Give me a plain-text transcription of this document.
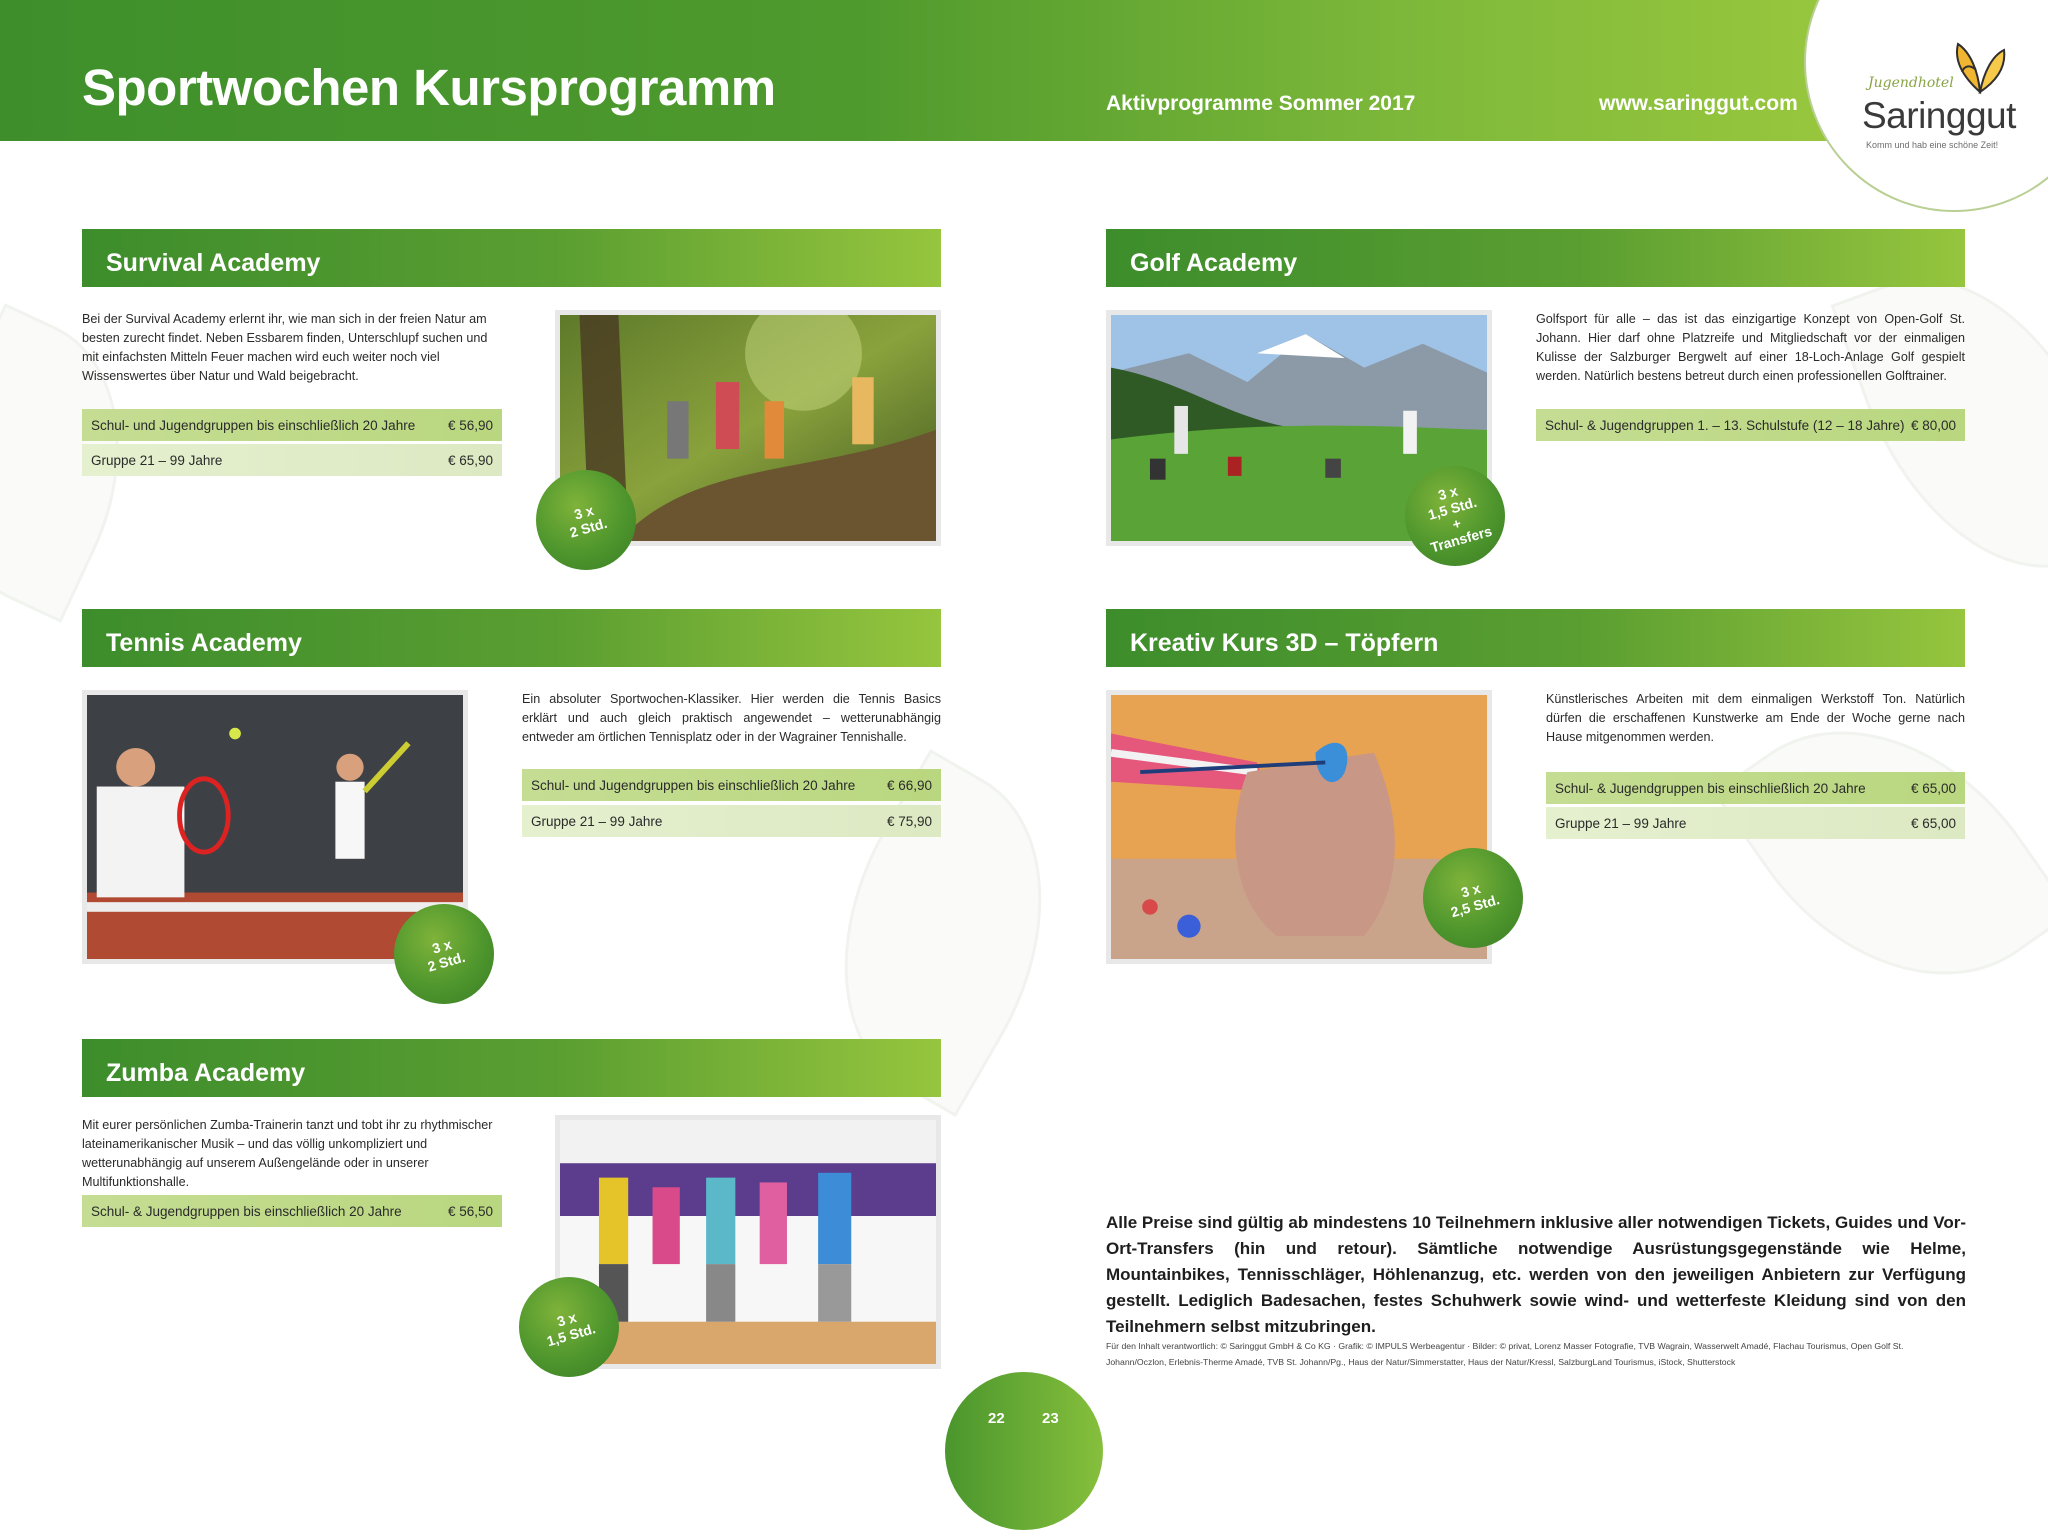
Sportwochen Kursprogramm	Aktivprogramme Sommer 2017	www.saringgut.com
Jugendhotel
Saringgut
Komm und hab eine schöne Zeit!
Survival Academy
Bei der Survival Academy erlernt ihr, wie man sich in der freien Natur am besten zurecht findet. Neben Essbarem finden, Unterschlupf suchen und mit einfachsten Mitteln Feuer machen wird euch weiter noch viel Wissenswertes über Natur und Wald beigebracht.
Schul- und Jugendgruppen bis einschließlich 20 Jahre € 56,90
Gruppe 21 – 99 Jahre	€ 65,90
3 x
2 Std.
Golf Academy
3 x
1,5 Std.
+
Transfers
Golfsport für alle – das ist das einzigartige Konzept von Open-Golf St. Johann. Hier darf ohne Platzreife und Mitgliedschaft vor der einmaligen Kulisse der Salzburger Bergwelt auf einer 18-Loch-Anlage Golf gespielt werden. Natürlich bestens betreut durch einen professionellen Golftrainer.
Schul- & Jugendgruppen 1. – 13. Schulstufe (12 – 18 Jahre) € 80,00
Tennis Academy
3 x
2 Std.
Ein absoluter Sportwochen-Klassiker. Hier werden die Tennis Basics erklärt und auch gleich praktisch angewendet – wetterunabhängig entweder am örtlichen Tennisplatz oder in der Wagrainer Tennishalle.
Schul- und Jugendgruppen bis einschließlich 20 Jahre € 66,90
Gruppe 21 – 99 Jahre	€ 75,90
Kreativ Kurs 3D – Töpfern
3 x
2,5 Std.
Künstlerisches Arbeiten mit dem einmaligen Werkstoff Ton. Natürlich dürfen die erschaffenen Kunstwerke am Ende der Woche gerne nach Hause mitgenommen werden.
Schul- & Jugendgruppen bis einschließlich 20 Jahre	€ 65,00
Gruppe 21 – 99 Jahre	€ 65,00
Zumba Academy
Mit eurer persönlichen Zumba-Trainerin tanzt und tobt ihr zu rhythmischer lateinamerikanischer Musik – und das völlig unkompliziert und wetterunabhängig auf unserem Außengelände oder in unserer Multifunktionshalle.
Schul- & Jugendgruppen bis einschließlich 20 Jahre	€ 56,50
3 x
1,5 Std.
Alle Preise sind gültig ab mindestens 10 Teilnehmern inklusive aller notwendigen Tickets, Guides und Vor-Ort-Transfers (hin und retour). Sämtliche notwendige Ausrüstungsgegenstände wie Helme, Mountainbikes, Tennisschläger, Höhlenanzug, etc. werden von den jeweiligen Anbietern zur Verfügung gestellt. Lediglich Badesachen, festes Schuhwerk sowie wind- und wetterfeste Kleidung sind von den Teilnehmern selbst mitzubringen.
Für den Inhalt verantwortlich: © Saringgut GmbH & Co KG · Grafik: © IMPULS Werbeagentur · Bilder: © privat, Lorenz Masser Fotografie, TVB Wagrain, Wasserwelt Amadé, Flachau Tourismus, Open Golf St. Johann/Oczlon, Erlebnis-Therme Amadé, TVB St. Johann/Pg., Haus der Natur/Simmerstatter, Haus der Natur/Kressl, SalzburgLand Tourismus, iStock, Shutterstock
22 23
